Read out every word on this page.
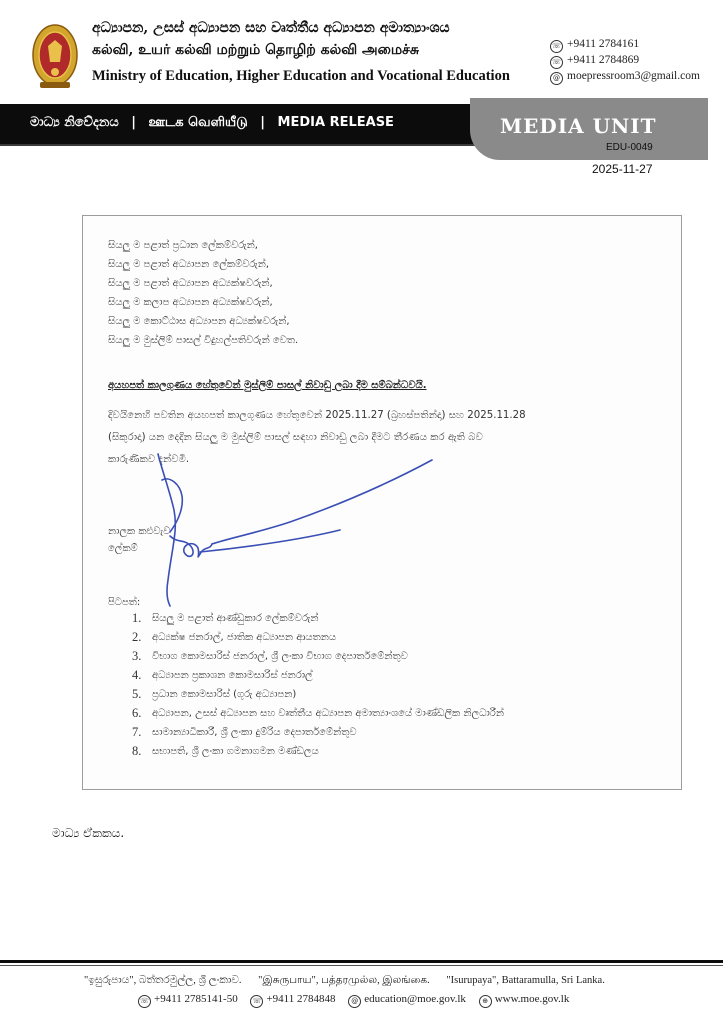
අධ්‍යාපන, උසස් අධ්‍යාපන සහ වෘත්තීය අධ්‍යාපන අමාත්‍යාංශය
கல்வி, உயர் கல்வி மற்றும் தொழிற் கல்வி அமைச்சு
Ministry of Education, Higher Education and Vocational Education
☏ +9411 2784161
☏ +9411 2784869
@ moepressroom3@gmail.com
මාධ්‍ය නිවේදනය | ஊடக வெளியீடு | MEDIA RELEASE	MEDIA UNIT
EDU-0049
2025-11-27
සියලු ම පළාත් ප්‍රධාන ලේකම්වරුන්,
සියලු ම පළාත් අධ්‍යාපන ලේකම්වරුන්,
සියලු ම පළාත් අධ්‍යාපන අධ්‍යක්ෂවරුන්,
සියලු ම කලාප අධ්‍යාපන අධ්‍යක්ෂවරුන්,
සියලු ම කොට්ඨාස අධ්‍යාපන අධ්‍යක්ෂවරුන්,
සියලු ම මුස්ලිම් පාසල් විදුහල්පතිවරුන් වෙත.
අයහපත් කාලගුණය හේතුවෙන් මුස්ලිම් පාසල් නිවාඩු ලබා දීම සම්බන්ධවයි.
දිවයිනෙහි පවතින අයහපත් කාලගුණය හේතුවෙන් 2025.11.27 (බ්‍රහස්පතින්දා) සහ 2025.11.28
(සිකුරාදා) යන දෙදින සියලු ම මුස්ලිම් පාසල් සඳහා නිවාඩු ලබා දීමට තීරණය කර ඇති බව
කාරුණිකව දන්වමි.
නාලක කළුවැව
ලේකම්
පිටපත්:
1. සියලු ම පළාත් ආණ්ඩුකාර ලේකම්වරුන්
2. අධ්‍යක්ෂ ජනරාල්, ජාතික අධ්‍යාපන ආයතනය
3. විභාග කොමසාරිස් ජනරාල්, ශ්‍රී ලංකා විභාග දෙපාර්තමේන්තුව
4. අධ්‍යාපන ප්‍රකාශන කොමසාරිස් ජනරාල්
5. ප්‍රධාන කොමසාරිස් (ගුරු අධ්‍යාපන)
6. අධ්‍යාපන, උසස් අධ්‍යාපන සහ වෘත්තීය අධ්‍යාපන අමාත්‍යාංශයේ මාණ්ඩලික නිලධාරීන්
7. සාමාන්‍යාධිකාරී, ශ්‍රී ලංකා දුම්රිය දෙපාර්තමේන්තුව
8. සභාපති, ශ්‍රී ලංකා ගමනාගමන මණ්ඩලය
මාධ්‍ය ඒකකය.
"ඉසුරුපාය", බත්තරමුල්ල, ශ්‍රී ලංකාව. "இசுருபாய", பத்தரமுல்ல, இலங்கை. "Isurupaya", Battaramulla, Sri Lanka.
☏ +9411 2785141-50 ☏ +9411 2784848 @ education@moe.gov.lk ⊕ www.moe.gov.lk
